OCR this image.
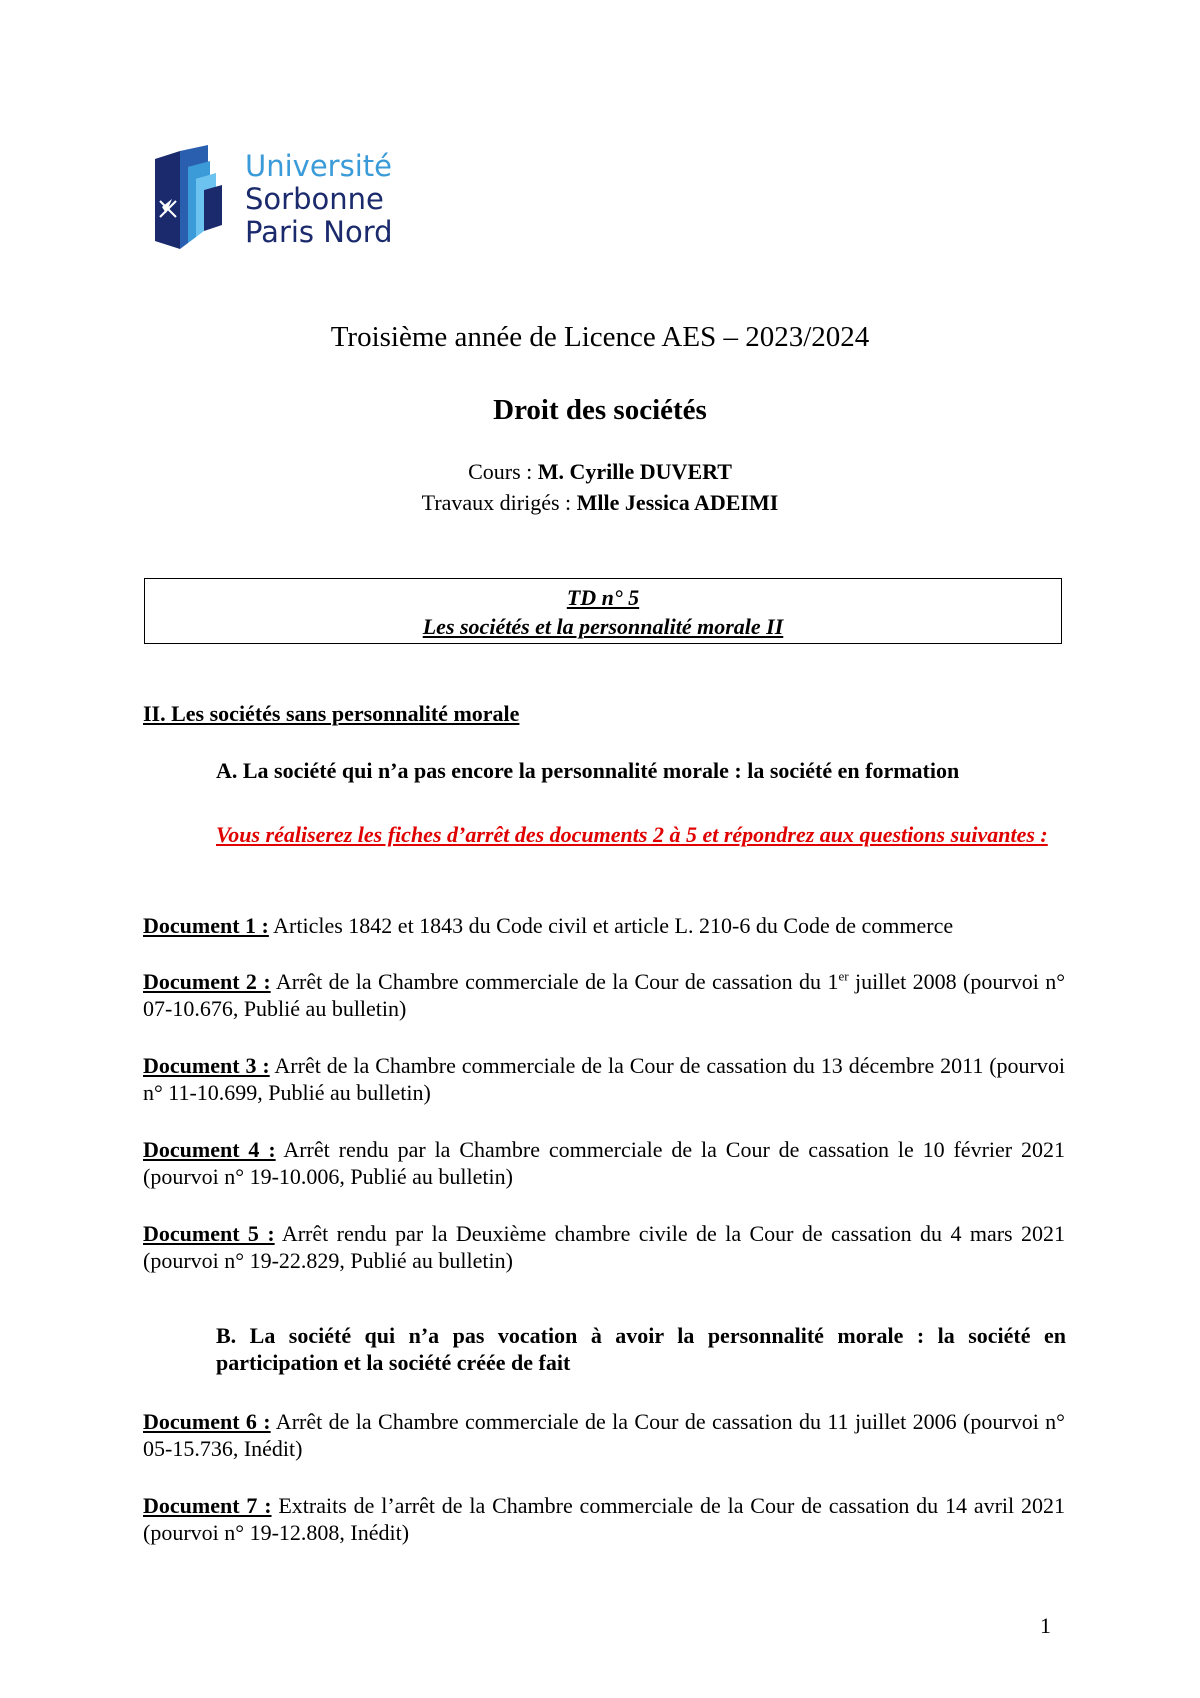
Université
Sorbonne
Paris Nord
Troisième année de Licence AES – 2023/2024
Droit des sociétés
Cours : M. Cyrille DUVERT
Travaux dirigés : Mlle Jessica ADEIMI
TD n° 5
Les sociétés et la personnalité morale II
II. Les sociétés sans personnalité morale
A. La société qui n’a pas encore la personnalité morale : la société en formation
Vous réaliserez les fiches d’arrêt des documents 2 à 5 et répondrez aux questions suivantes :
Document 1 : Articles 1842 et 1843 du Code civil et article L. 210-6 du Code de commerce
Document 2 : Arrêt de la Chambre commerciale de la Cour de cassation du 1er juillet 2008 (pourvoi n° 07-10.676, Publié au bulletin)
Document 3 : Arrêt de la Chambre commerciale de la Cour de cassation du 13 décembre 2011 (pourvoi n° 11-10.699, Publié au bulletin)
Document 4 : Arrêt rendu par la Chambre commerciale de la Cour de cassation le 10 février 2021 (pourvoi n° 19-10.006, Publié au bulletin)
Document 5 : Arrêt rendu par la Deuxième chambre civile de la Cour de cassation du 4 mars 2021 (pourvoi n° 19-22.829, Publié au bulletin)
B. La société qui n’a pas vocation à avoir la personnalité morale : la société en participation et la société créée de fait
Document 6 : Arrêt de la Chambre commerciale de la Cour de cassation du 11 juillet 2006 (pourvoi n° 05-15.736, Inédit)
Document 7 : Extraits de l’arrêt de la Chambre commerciale de la Cour de cassation du 14 avril 2021 (pourvoi n° 19-12.808, Inédit)
1
